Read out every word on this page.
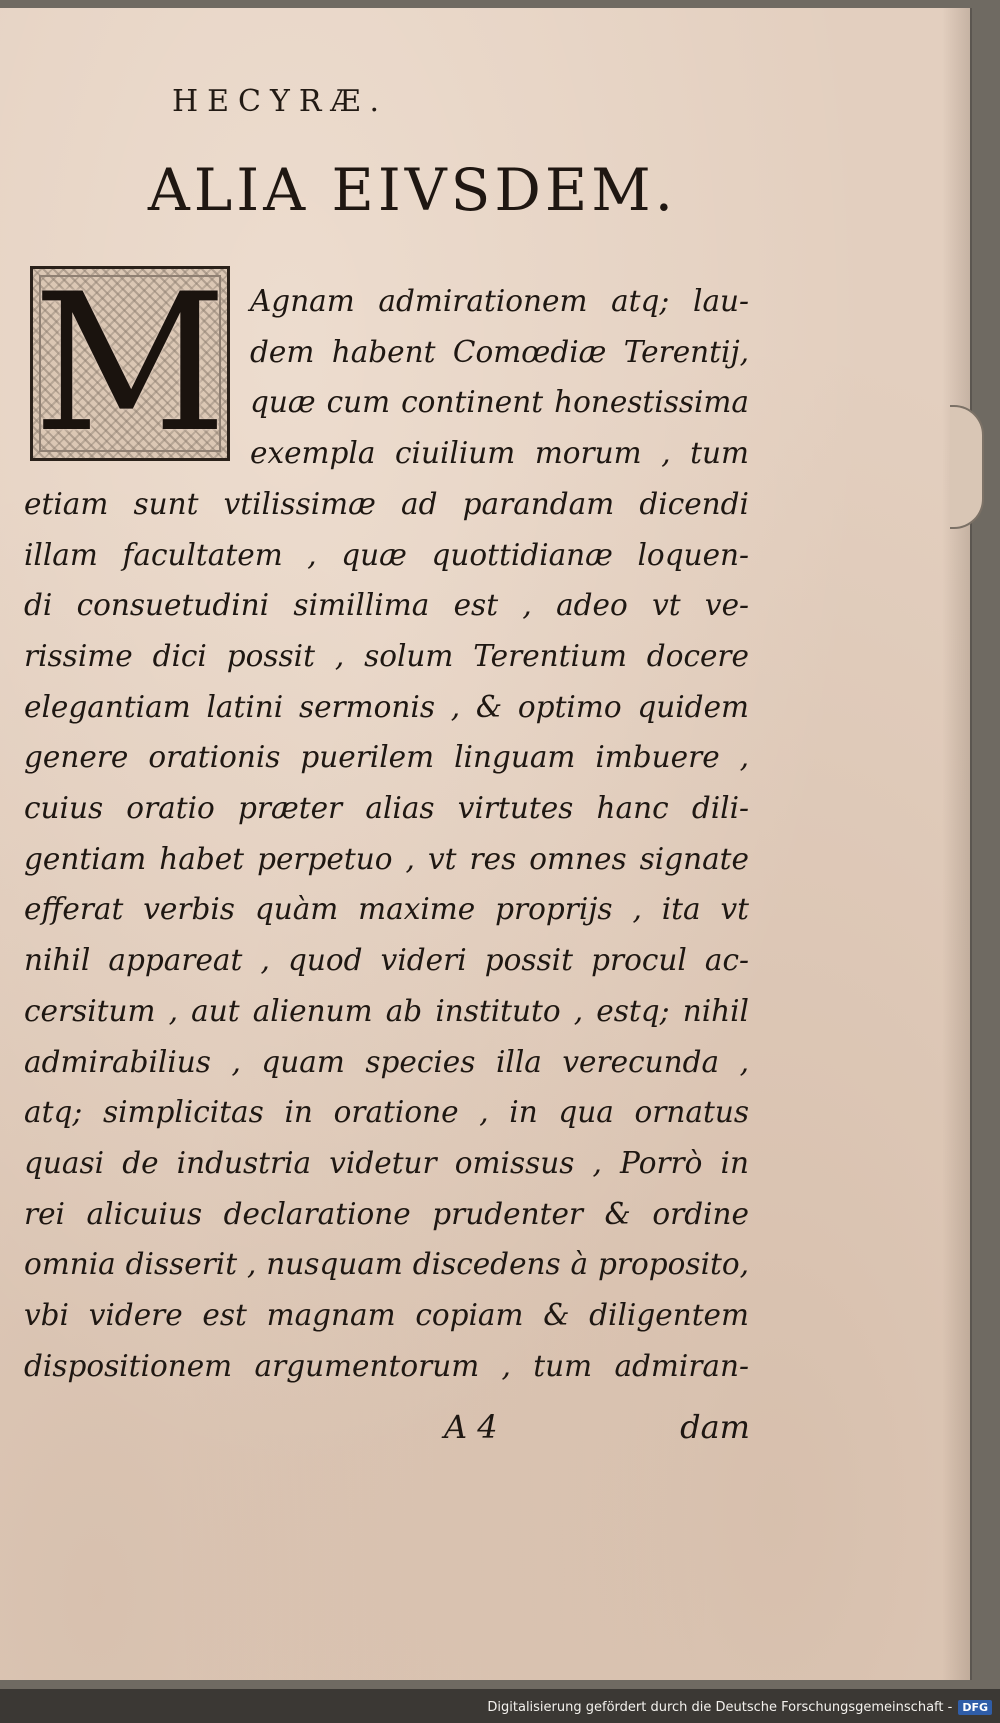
HECYRÆ.
ALIA EIVSDEM.
M Agnam admirationem atq; lau-
dem habent Comœdiæ Terentij,
quæ cum continent honestissima
exempla ciuilium morum , tum
etiam sunt vtilissimæ ad parandam dicendi
illam facultatem , quæ quottidianæ loquen-
di consuetudini simillima est , adeo vt ve-
rissime dici possit , solum Terentium docere
elegantiam latini sermonis , & optimo quidem
genere orationis puerilem linguam imbuere ,
cuius oratio præter alias virtutes hanc dili-
gentiam habet perpetuo , vt res omnes signate
efferat verbis quàm maxime proprijs , ita vt
nihil appareat , quod videri possit procul ac-
cersitum , aut alienum ab instituto , estq; nihil
admirabilius , quam species illa verecunda ,
atq; simplicitas in oratione , in qua ornatus
quasi de industria videtur omissus , Porrò in
rei alicuius declaratione prudenter & ordine
omnia disserit , nusquam discedens à proposito,
vbi videre est magnam copiam & diligentem
dispositionem argumentorum , tum admiran-
A 4	dam
Digitalisierung gefördert durch die Deutsche Forschungsgemeinschaft - DFG
